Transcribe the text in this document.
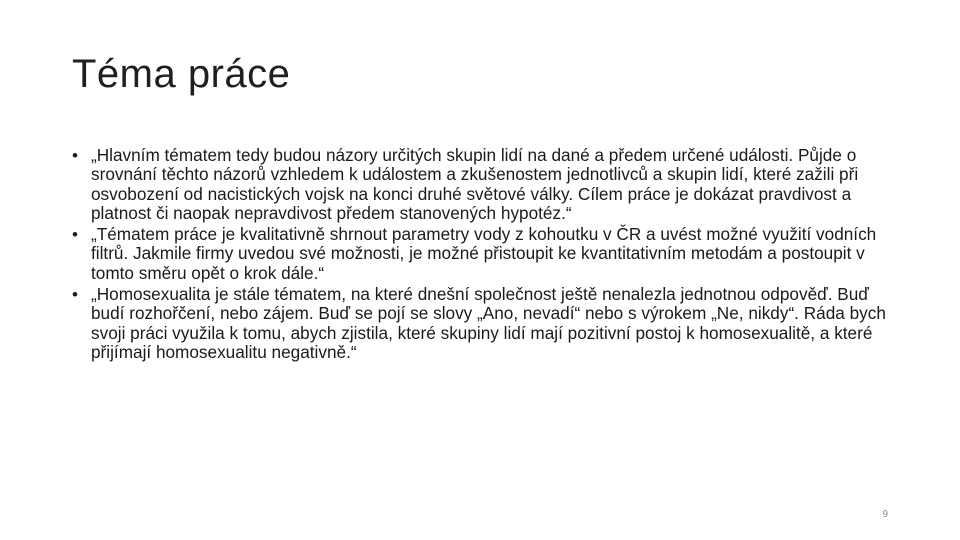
Téma práce
• „Hlavním tématem tedy budou názory určitých skupin lidí na dané a předem určené události. Půjde o srovnání těchto názorů vzhledem k událostem a zkušenostem jednotlivců a skupin lidí, které zažili při osvobození od nacistických vojsk na konci druhé světové války. Cílem práce je dokázat pravdivost a platnost či naopak nepravdivost předem stanovených hypotéz.“
• „Tématem práce je kvalitativně shrnout parametry vody z kohoutku v ČR a uvést možné využití vodních filtrů. Jakmile firmy uvedou své možnosti, je možné přistoupit ke kvantitativním metodám a postoupit v tomto směru opět o krok dále.“
• „Homosexualita je stále tématem, na které dnešní společnost ještě nenalezla jednotnou odpověď. Buď budí rozhořčení, nebo zájem. Buď se pojí se slovy „Ano, nevadí“ nebo s výrokem „Ne, nikdy“. Ráda bych svoji práci využila k tomu, abych zjistila, které skupiny lidí mají pozitivní postoj k homosexualitě, a které přijímají homosexualitu negativně.“
9
